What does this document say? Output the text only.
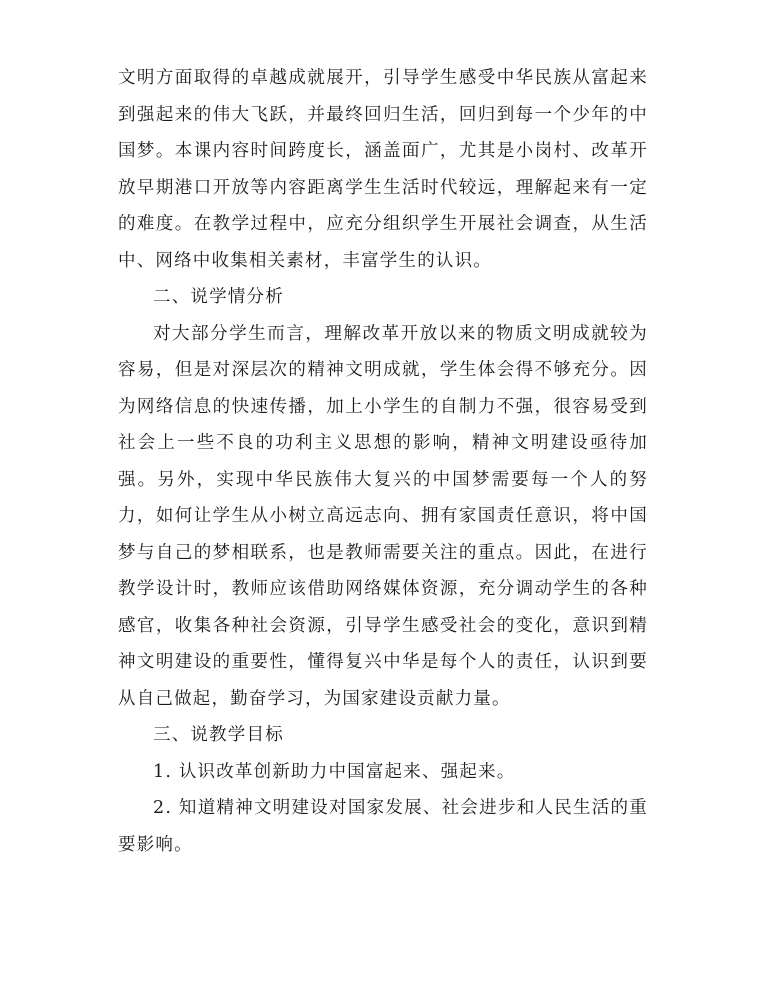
文明方面取得的卓越成就展开，引导学生感受中华民族从富起来到强起来的伟大飞跃，并最终回归生活，回归到每一个少年的中国梦。本课内容时间跨度长，涵盖面广，尤其是小岗村、改革开放早期港口开放等内容距离学生生活时代较远，理解起来有一定的难度。在教学过程中，应充分组织学生开展社会调查，从生活中、网络中收集相关素材，丰富学生的认识。

二、说学情分析

对大部分学生而言，理解改革开放以来的物质文明成就较为容易，但是对深层次的精神文明成就，学生体会得不够充分。因为网络信息的快速传播，加上小学生的自制力不强，很容易受到社会上一些不良的功利主义思想的影响，精神文明建设亟待加强。另外，实现中华民族伟大复兴的中国梦需要每一个人的努力，如何让学生从小树立高远志向、拥有家国责任意识，将中国梦与自己的梦相联系，也是教师需要关注的重点。因此，在进行教学设计时，教师应该借助网络媒体资源，充分调动学生的各种感官，收集各种社会资源，引导学生感受社会的变化，意识到精神文明建设的重要性，懂得复兴中华是每个人的责任，认识到要从自己做起，勤奋学习，为国家建设贡献力量。

三、说教学目标

1. 认识改革创新助力中国富起来、强起来。

2. 知道精神文明建设对国家发展、社会进步和人民生活的重要影响。
